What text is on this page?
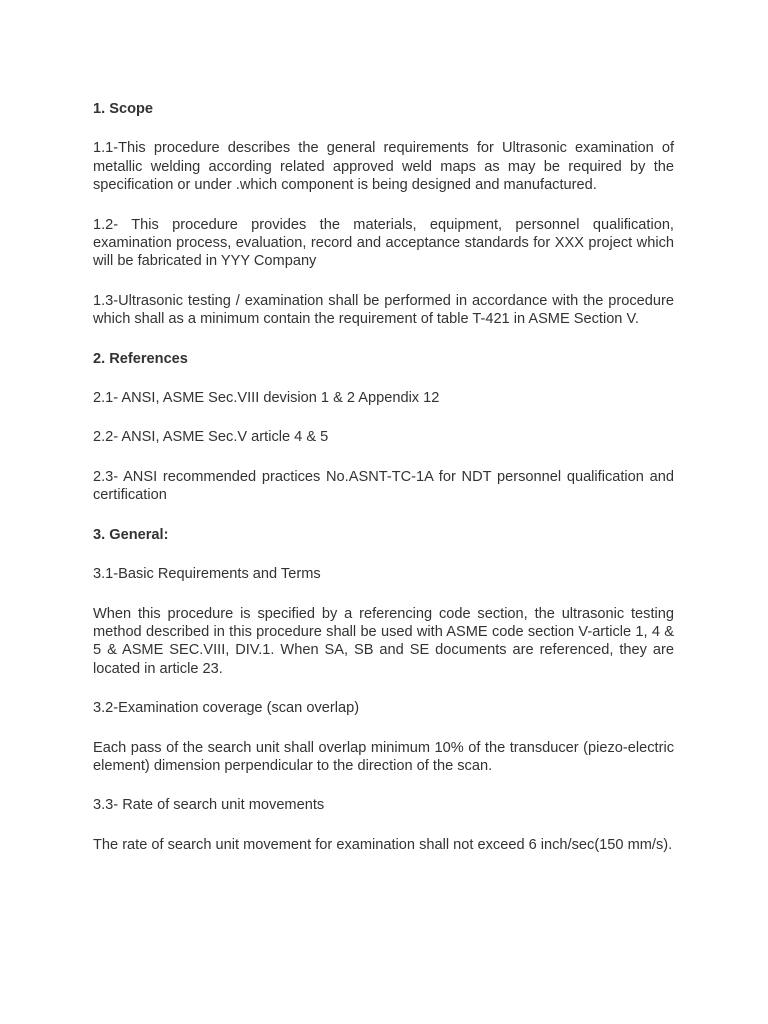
1. Scope

1.1-This procedure describes the general requirements for Ultrasonic examination of metallic welding according related approved weld maps as may be required by the specification or under .which component is being designed and manufactured.

1.2- This procedure provides the materials, equipment, personnel qualification, examination process, evaluation, record and acceptance standards for XXX project which will be fabricated in YYY Company

1.3-Ultrasonic testing / examination shall be performed in accordance with the procedure which shall as a minimum contain the requirement of table T-421 in ASME Section V.

2. References

2.1- ANSI, ASME Sec.VIII devision 1 & 2 Appendix 12

2.2- ANSI, ASME Sec.V article 4 & 5

2.3- ANSI recommended practices No.ASNT-TC-1A for NDT personnel qualification and certification

3. General:

3.1-Basic Requirements and Terms

When this procedure is specified by a referencing code section, the ultrasonic testing method described in this procedure shall be used with ASME code section V-article 1, 4 & 5 & ASME SEC.VIII, DIV.1. When SA, SB and SE documents are referenced, they are located in article 23.

3.2-Examination coverage (scan overlap)

Each pass of the search unit shall overlap minimum 10% of the transducer (piezo-electric element) dimension perpendicular to the direction of the scan.

3.3- Rate of search unit movements

The rate of search unit movement for examination shall not exceed 6 inch/sec(150 mm/s).
